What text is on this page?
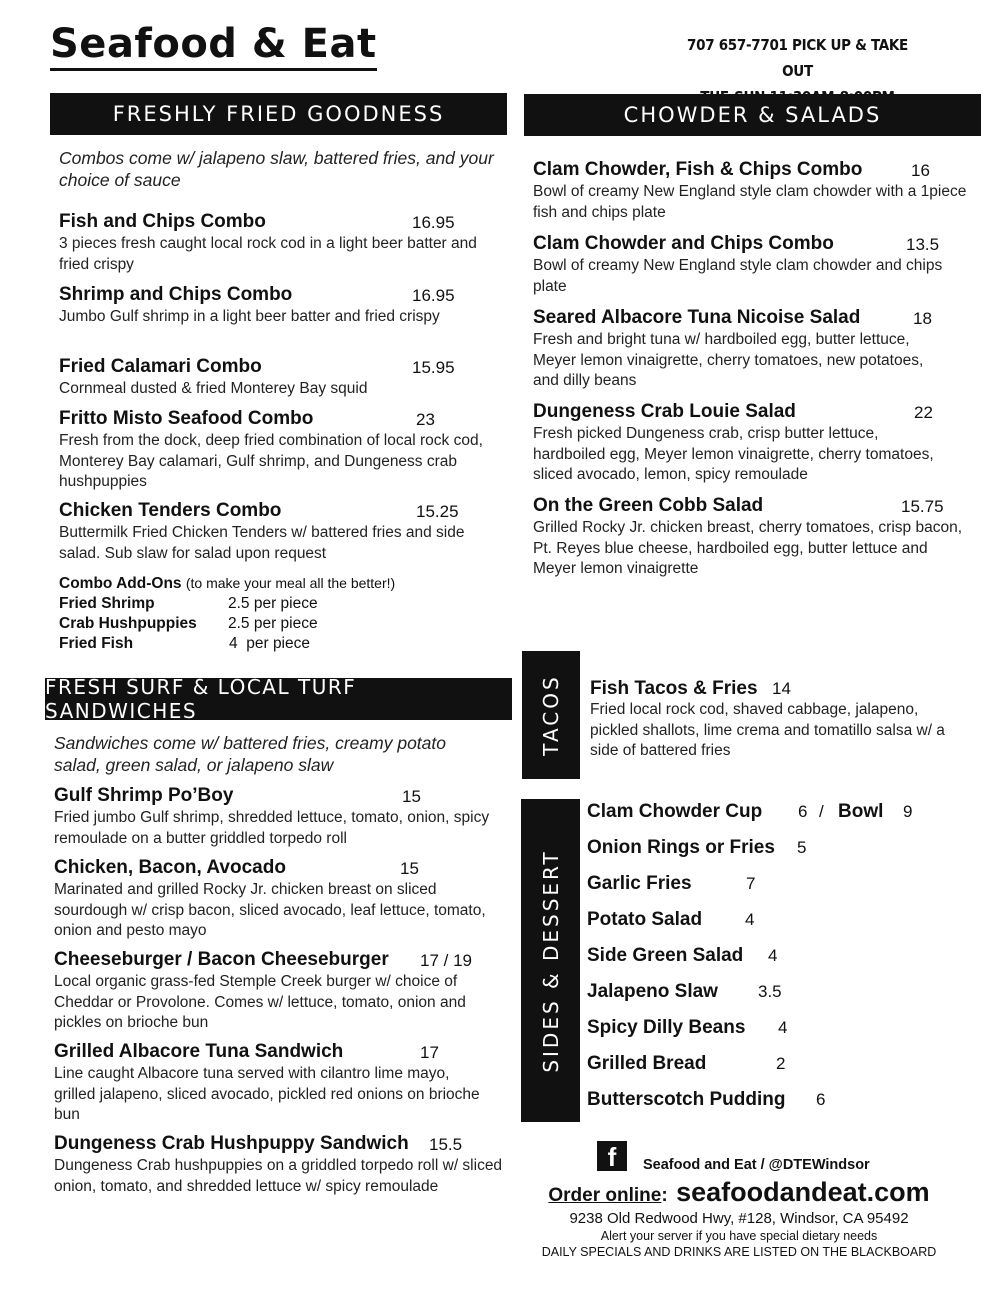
Seafood & Eat	707 657-7701 PICK UP & TAKE OUT
FRESHLY FRIED GOODNESS
Combos come w/ jalapeno slaw, battered fries, and your choice of sauce
Fish and Chips Combo	16.95
3 pieces fresh caught local rock cod in a light beer batter and fried crispy
Shrimp and Chips Combo	16.95
Jumbo Gulf shrimp in a light beer batter and fried crispy
Fried Calamari Combo	15.95
Cornmeal dusted & fried Monterey Bay squid
Fritto Misto Seafood Combo	23
Fresh from the dock, deep fried combination of local rock cod, Monterey Bay calamari, Gulf shrimp, and Dungeness crab hushpuppies
Chicken Tenders Combo	15.25
Buttermilk Fried Chicken Tenders w/ battered fries and side salad. Sub slaw for salad upon request
Combo Add-Ons (to make your meal all the better!)
Fried Shrimp	2.5 per piece
Crab Hushpuppies 2.5 per piece
Fried Fish	4  per piece
CHOWDER & SALADS
Clam Chowder, Fish & Chips Combo	16
Bowl of creamy New England style clam chowder with a 1piece fish and chips plate
Clam Chowder and Chips Combo	13.5
Bowl of creamy New England style clam chowder and chips plate
Seared Albacore Tuna Nicoise Salad	18
Fresh and bright tuna w/ hardboiled egg, butter lettuce, Meyer lemon vinaigrette, cherry tomatoes, new potatoes, and dilly beans
Dungeness Crab Louie Salad	22
Fresh picked Dungeness crab, crisp butter lettuce, hardboiled egg, Meyer lemon vinaigrette, cherry tomatoes, sliced avocado, lemon, spicy remoulade
On the Green Cobb Salad	15.75
Grilled Rocky Jr. chicken breast, cherry tomatoes, crisp bacon, Pt. Reyes blue cheese, hardboiled egg, butter lettuce and Meyer lemon vinaigrette
FRESH SURF & LOCAL TURF SANDWICHES
Sandwiches come w/ battered fries, creamy potato salad, green salad, or jalapeno slaw
Gulf Shrimp Po’Boy	15
Fried jumbo Gulf shrimp, shredded lettuce, tomato, onion, spicy remoulade on a butter griddled torpedo roll
Chicken, Bacon, Avocado	15
Marinated and grilled Rocky Jr. chicken breast on sliced sourdough w/ crisp bacon, sliced avocado, leaf lettuce, tomato, onion and pesto mayo
Cheeseburger / Bacon Cheeseburger 17 / 19
Local organic grass-fed Stemple Creek burger w/ choice of Cheddar or Provolone. Comes w/ lettuce, tomato, onion and pickles on brioche bun
Grilled Albacore Tuna Sandwich	17
Line caught Albacore tuna served with cilantro lime mayo, grilled jalapeno, sliced avocado, pickled red onions on brioche bun
Dungeness Crab Hushpuppy Sandwich 15.5
Dungeness Crab hushpuppies on a griddled torpedo roll w/ sliced onion, tomato, and shredded lettuce w/ spicy remoulade
TACOS Fish Tacos & Fries 14
Fried local rock cod, shaved cabbage, jalapeno, pickled shallots, lime crema and tomatillo salsa w/ a side of battered fries
SIDES & DESSERT
Clam Chowder Cup 6 / Bowl 9
Onion Rings or Fries 5
Garlic Fries	7
Potato Salad	4
Side Green Salad 4
Jalapeno Slaw 3.5
Spicy Dilly Beans 4
Grilled Bread	2
Butterscotch Pudding 6
f	Seafood and Eat / @DTEWindsor
Order online: seafoodandeat.com
9238 Old Redwood Hwy, #128, Windsor, CA 95492
Alert your server if you have special dietary needs
DAILY SPECIALS AND DRINKS ARE LISTED ON THE BLACKBOARD
